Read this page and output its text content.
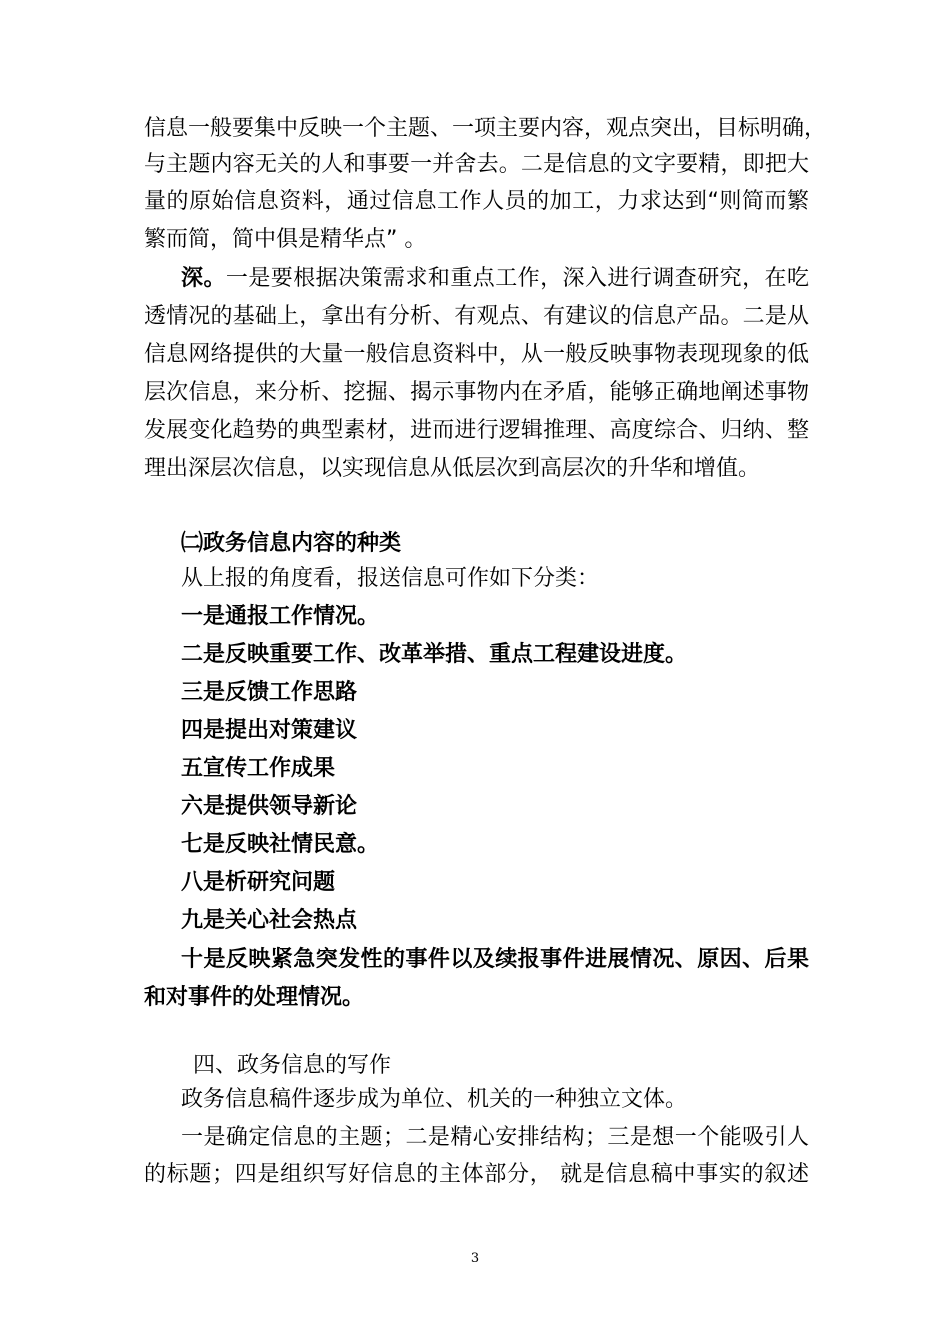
信息一般要集中反映一个主题、一项主要内容，观点突出，目标明确，
与主题内容无关的人和事要一并舍去。二是信息的文字要精，即把大
量的原始信息资料，通过信息工作人员的加工，力求达到“则简而繁
繁而简，简中俱是精华点” 。
深。一是要根据决策需求和重点工作，深入进行调查研究，在吃
透情况的基础上，拿出有分析、有观点、有建议的信息产品。二是从
信息网络提供的大量一般信息资料中，从一般反映事物表现现象的低
层次信息，来分析、挖掘、揭示事物内在矛盾，能够正确地阐述事物
发展变化趋势的典型素材，进而进行逻辑推理、高度综合、归纳、整
理出深层次信息，以实现信息从低层次到高层次的升华和增值。
㈡政务信息内容的种类
从上报的角度看，报送信息可作如下分类：
一是通报工作情况。
二是反映重要工作、改革举措、重点工程建设进度。
三是反馈工作思路
四是提出对策建议
五宣传工作成果
六是提供领导新论
七是反映社情民意。
八是析研究问题
九是关心社会热点
十是反映紧急突发性的事件以及续报事件进展情况、原因、后果
和对事件的处理情况。
四、政务信息的写作
政务信息稿件逐步成为单位、机关的一种独立文体。
一是确定信息的主题；二是精心安排结构；三是想一个能吸引人
的标题；四是组织写好信息的主体部分， 就是信息稿中事实的叙述
3
